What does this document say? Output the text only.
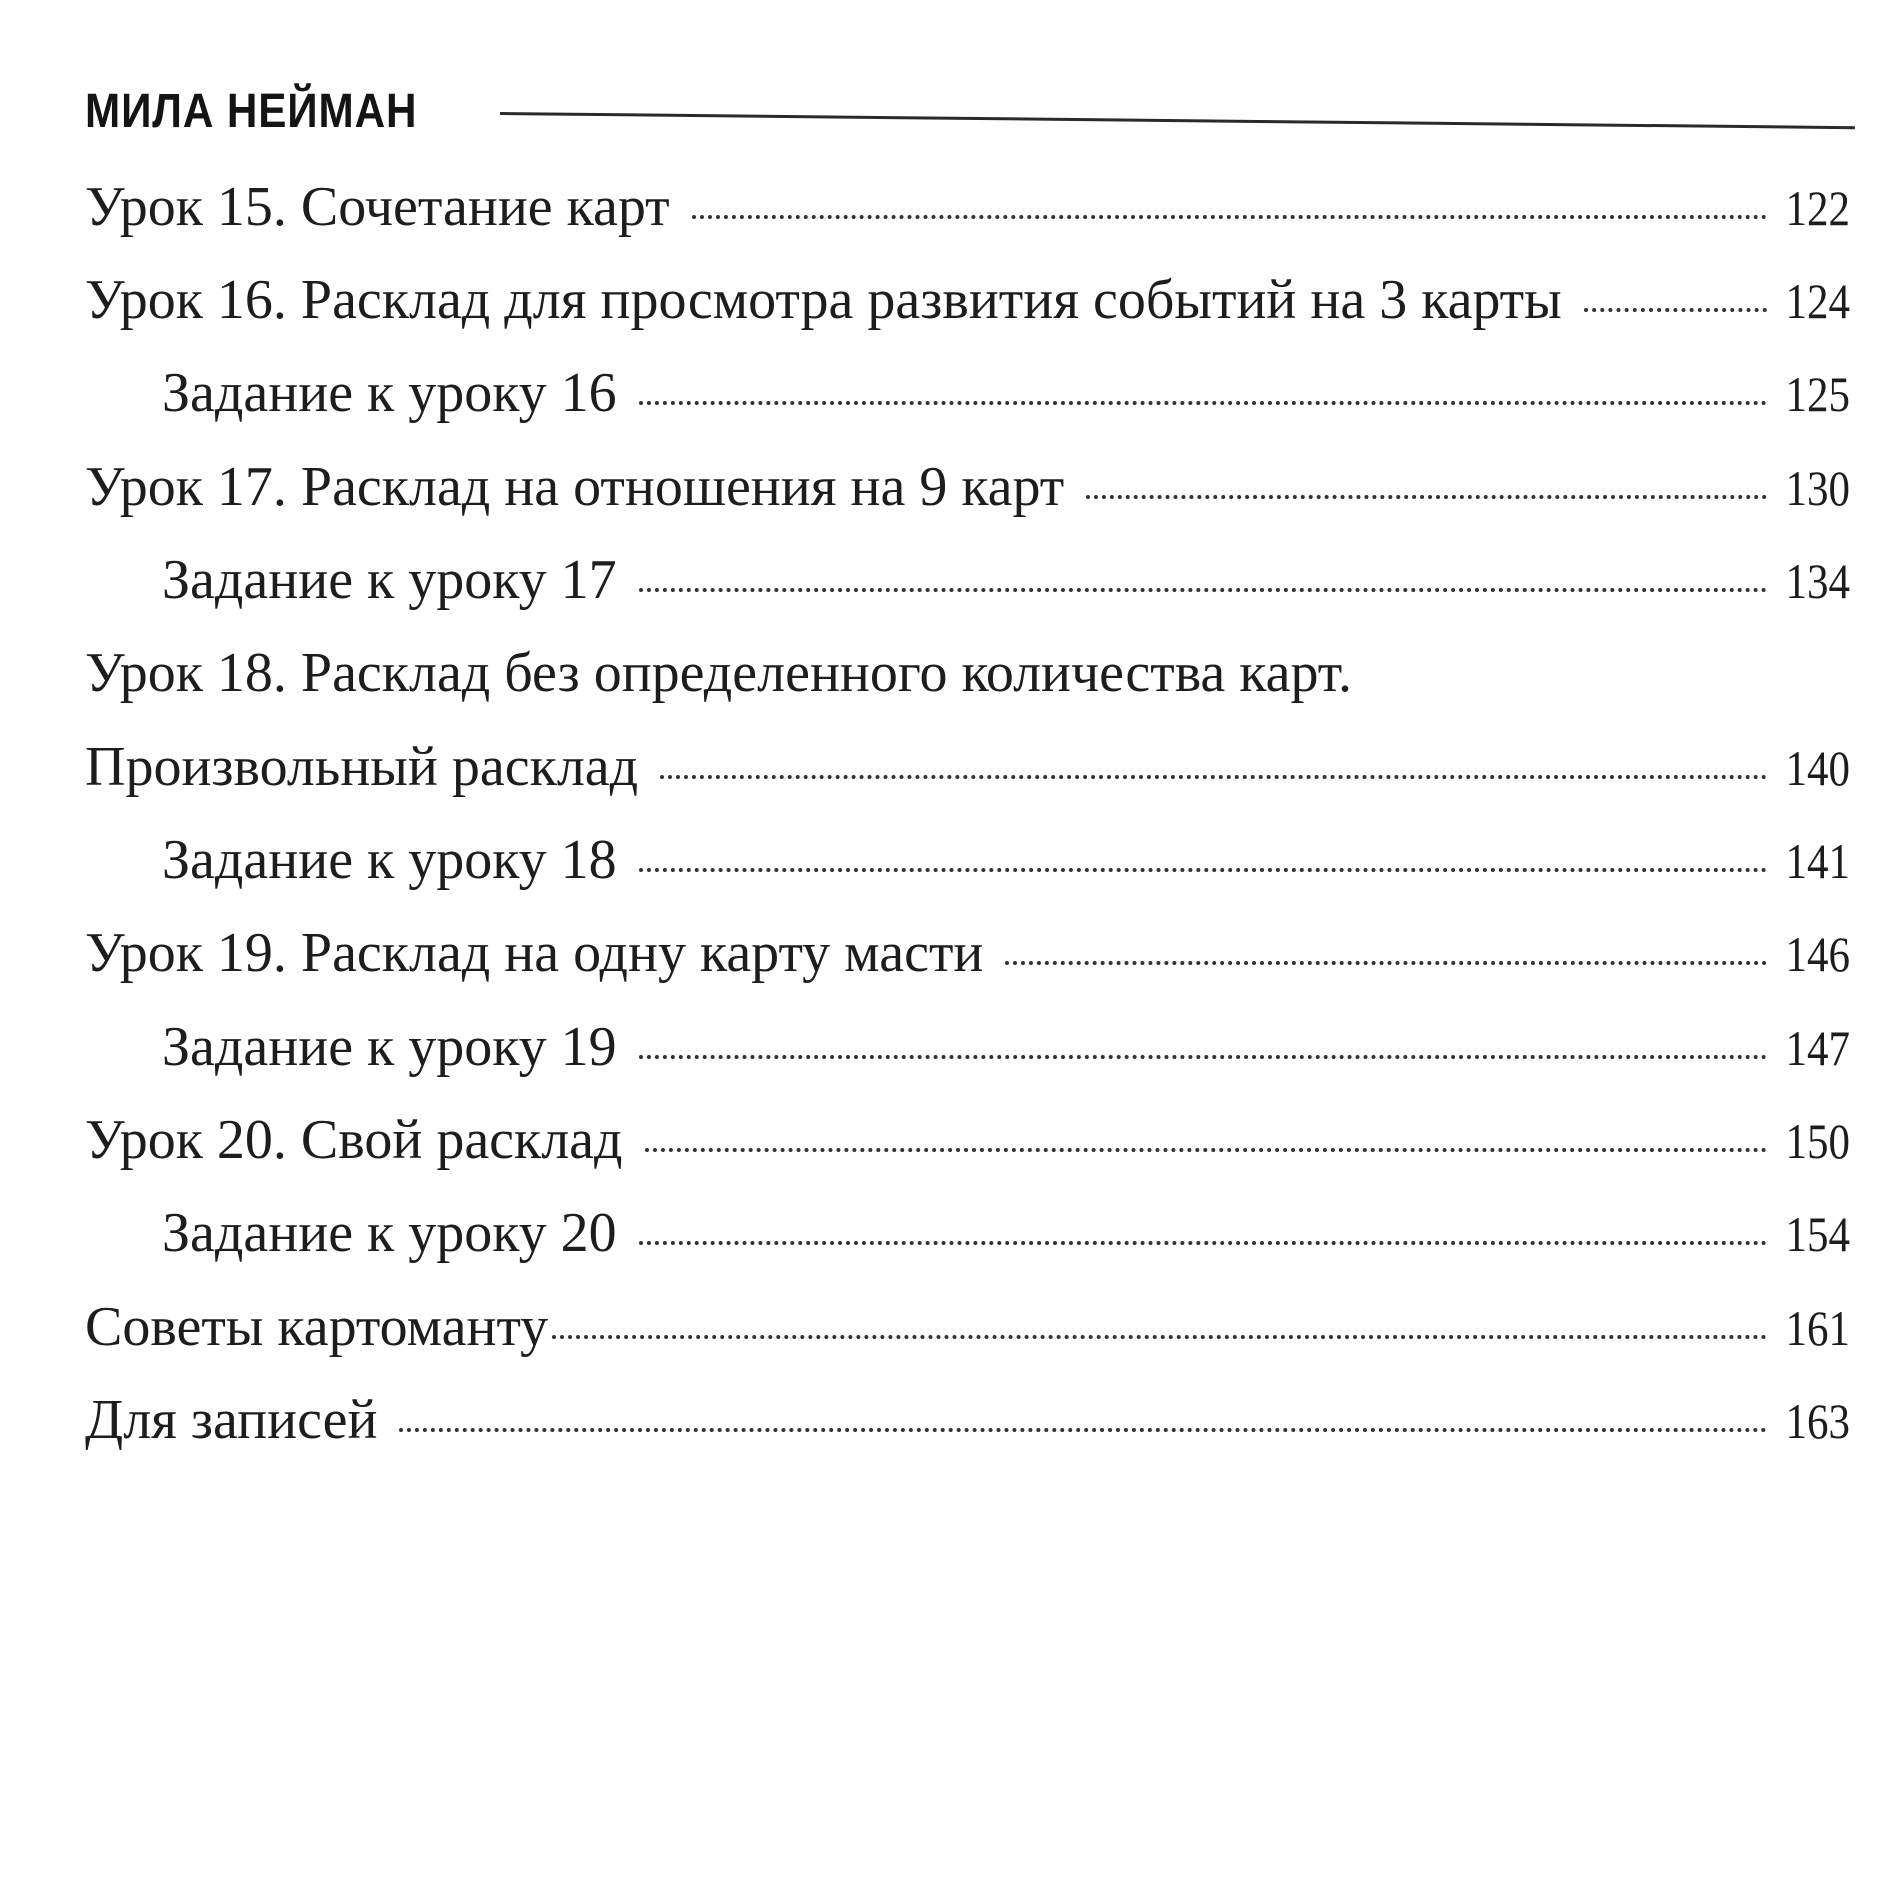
МИЛА НЕЙМАН
Урок 15. Сочетание карт	122
Урок 16. Расклад для просмотра развития событий на 3 карты	124
Задание к уроку 16	125
Урок 17. Расклад на отношения на 9 карт	130
Задание к уроку 17	134
Урок 18. Расклад без определенного количества карт.
Произвольный расклад	140
Задание к уроку 18	141
Урок 19. Расклад на одну карту масти	146
Задание к уроку 19	147
Урок 20. Свой расклад	150
Задание к уроку 20	154
Советы картоманту	161
Для записей	163
